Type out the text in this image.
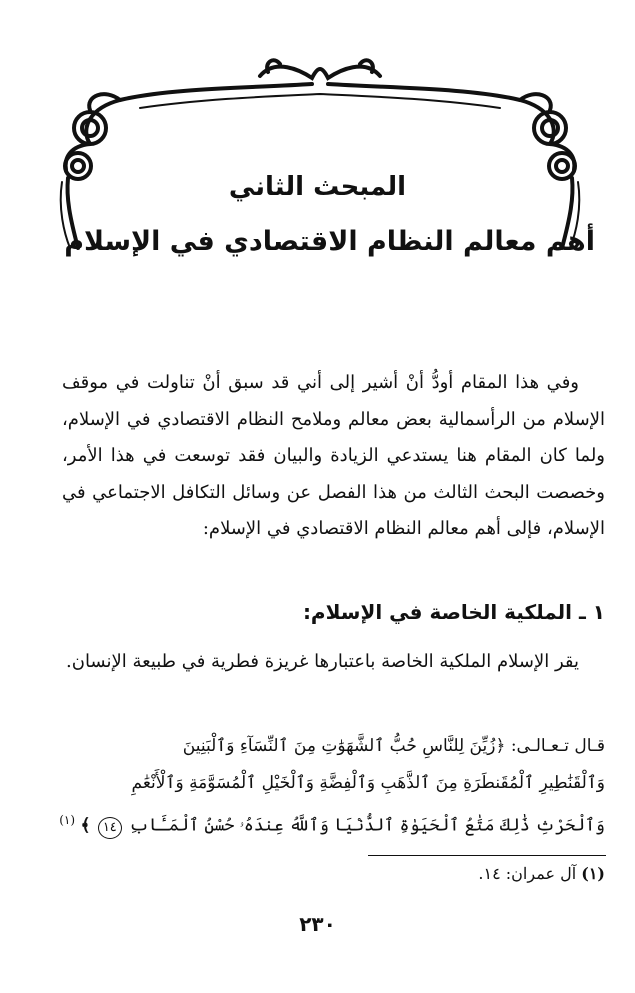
المبحث الثاني
أهم معالم النظام الاقتصادي في الإسلام

وفي هذا المقام أودُّ أنْ أشير إلى أني قد سبق أنْ تناولت في موقف الإسلام من الرأسمالية بعض معالم وملامح النظام الاقتصادي في الإسلام، ولما كان المقام هنا يستدعي الزيادة والبيان فقد توسعت في هذا الأمر، وخصصت البحث الثالث من هذا الفصل عن وسائل التكافل الاجتماعي في الإسلام، فإلى أهم معالم النظام الاقتصادي في الإسلام:

١ ـ الملكية الخاصة في الإسلام:

يقر الإسلام الملكية الخاصة باعتبارها غريزة فطرية في طبيعة الإنسان.

قـال تـعـالـى: ﴿زُيِّنَ لِلنَّاسِ حُبُّ ٱلشَّهَوَٰتِ مِنَ ٱلنِّسَآءِ وَٱلْبَنِينَ
وَٱلْقَنَٰطِيرِ ٱلْمُقَنطَرَةِ مِنَ ٱلذَّهَبِ وَٱلْفِضَّةِ وَٱلْخَيْلِ ٱلْمُسَوَّمَةِ وَٱلْأَنْعَٰمِ
وَٱلْحَرْثِ ذَٰلِكَ مَتَٰعُ ٱلْحَيَوٰةِ ٱلدُّنْيَا وَٱللَّهُ عِندَهُۥ حُسْنُ ٱلْمَـَٔابِ ١٤ ﴾ $^{(١)}$
(١) آل عمران: ١٤.
٢٣٠
